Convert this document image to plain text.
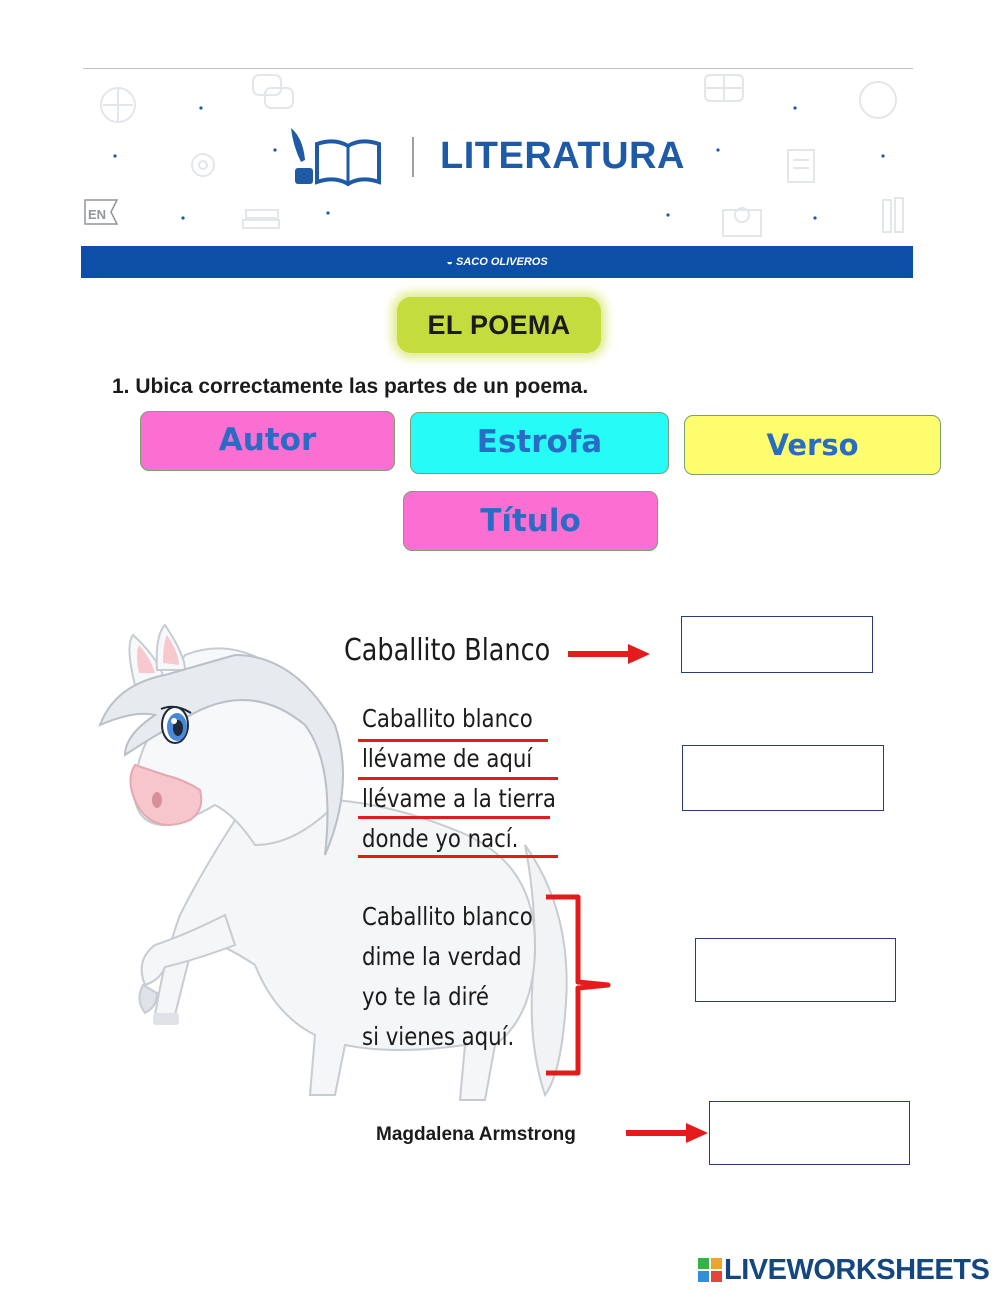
EN
LITERATURA
◒ SACO OLIVEROS
EL POEMA
1. Ubica correctamente las partes de un poema.
Autor	Estrofa	Verso
Título
Caballito Blanco
Caballito blanco
llévame de aquí
llévame a la tierra
donde yo nací.
Caballito blanco
dime la verdad
yo te la diré
si vienes aquí.
Magdalena Armstrong
LIVEWORKSHEETS
